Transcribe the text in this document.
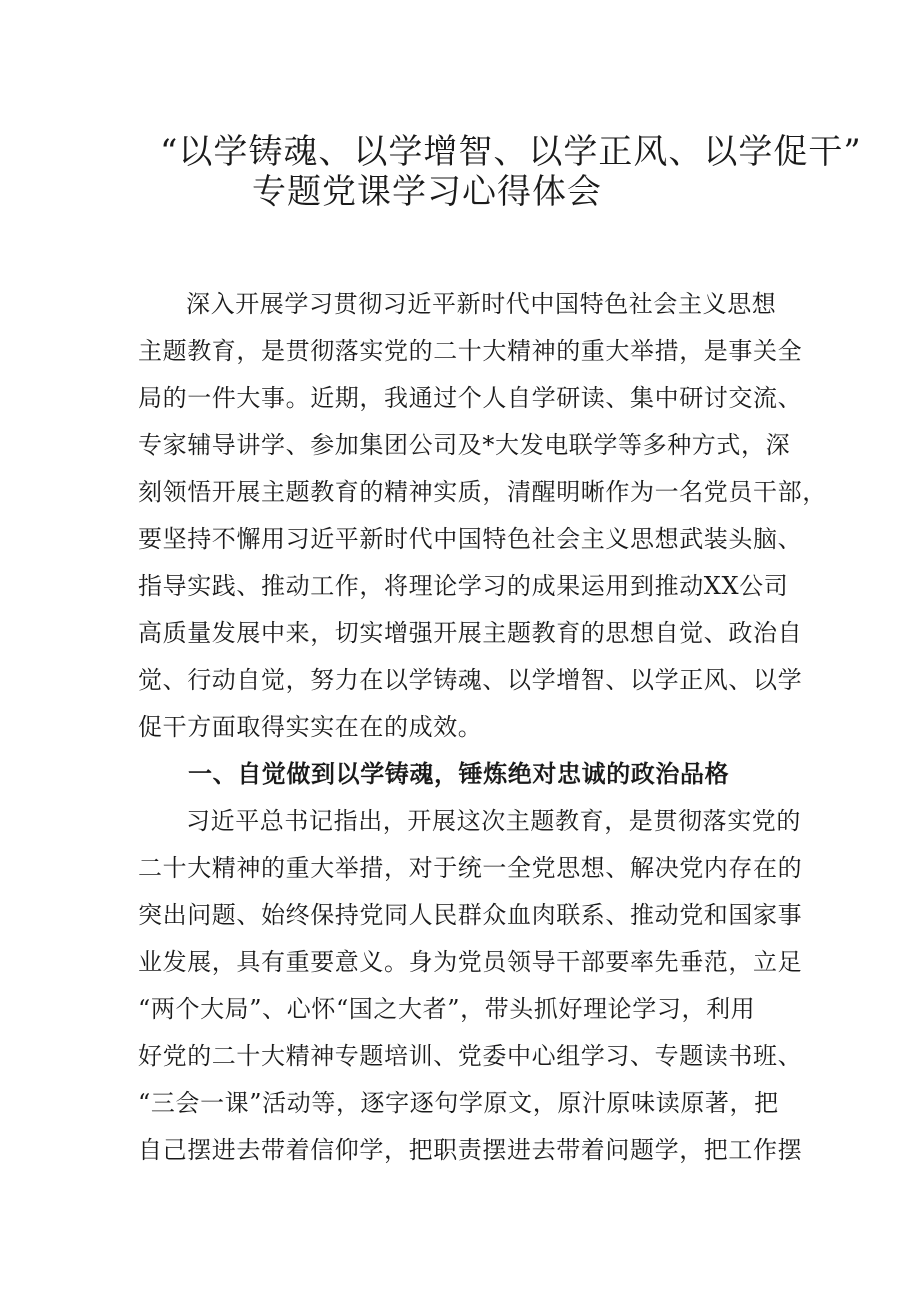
“以学铸魂、以学增智、以学正风、以学促干”
专题党课学习心得体会
深入开展学习贯彻习近平新时代中国特色社会主义思想
主题教育，是贯彻落实党的二十大精神的重大举措，是事关全
局的一件大事。近期，我通过个人自学研读、集中研讨交流、
专家辅导讲学、参加集团公司及*大发电联学等多种方式，深
刻领悟开展主题教育的精神实质，清醒明晰作为一名党员干部，
要坚持不懈用习近平新时代中国特色社会主义思想武装头脑、
指导实践、推动工作，将理论学习的成果运用到推动XX公司
高质量发展中来，切实增强开展主题教育的思想自觉、政治自
觉、行动自觉，努力在以学铸魂、以学增智、以学正风、以学
促干方面取得实实在在的成效。
一、自觉做到以学铸魂，锤炼绝对忠诚的政治品格
习近平总书记指出，开展这次主题教育，是贯彻落实党的
二十大精神的重大举措，对于统一全党思想、解决党内存在的
突出问题、始终保持党同人民群众血肉联系、推动党和国家事
业发展，具有重要意义。身为党员领导干部要率先垂范，立足
“两个大局”、心怀“国之大者”，带头抓好理论学习，利用
好党的二十大精神专题培训、党委中心组学习、专题读书班、
“三会一课”活动等，逐字逐句学原文，原汁原味读原著，把
自己摆进去带着信仰学，把职责摆进去带着问题学，把工作摆
